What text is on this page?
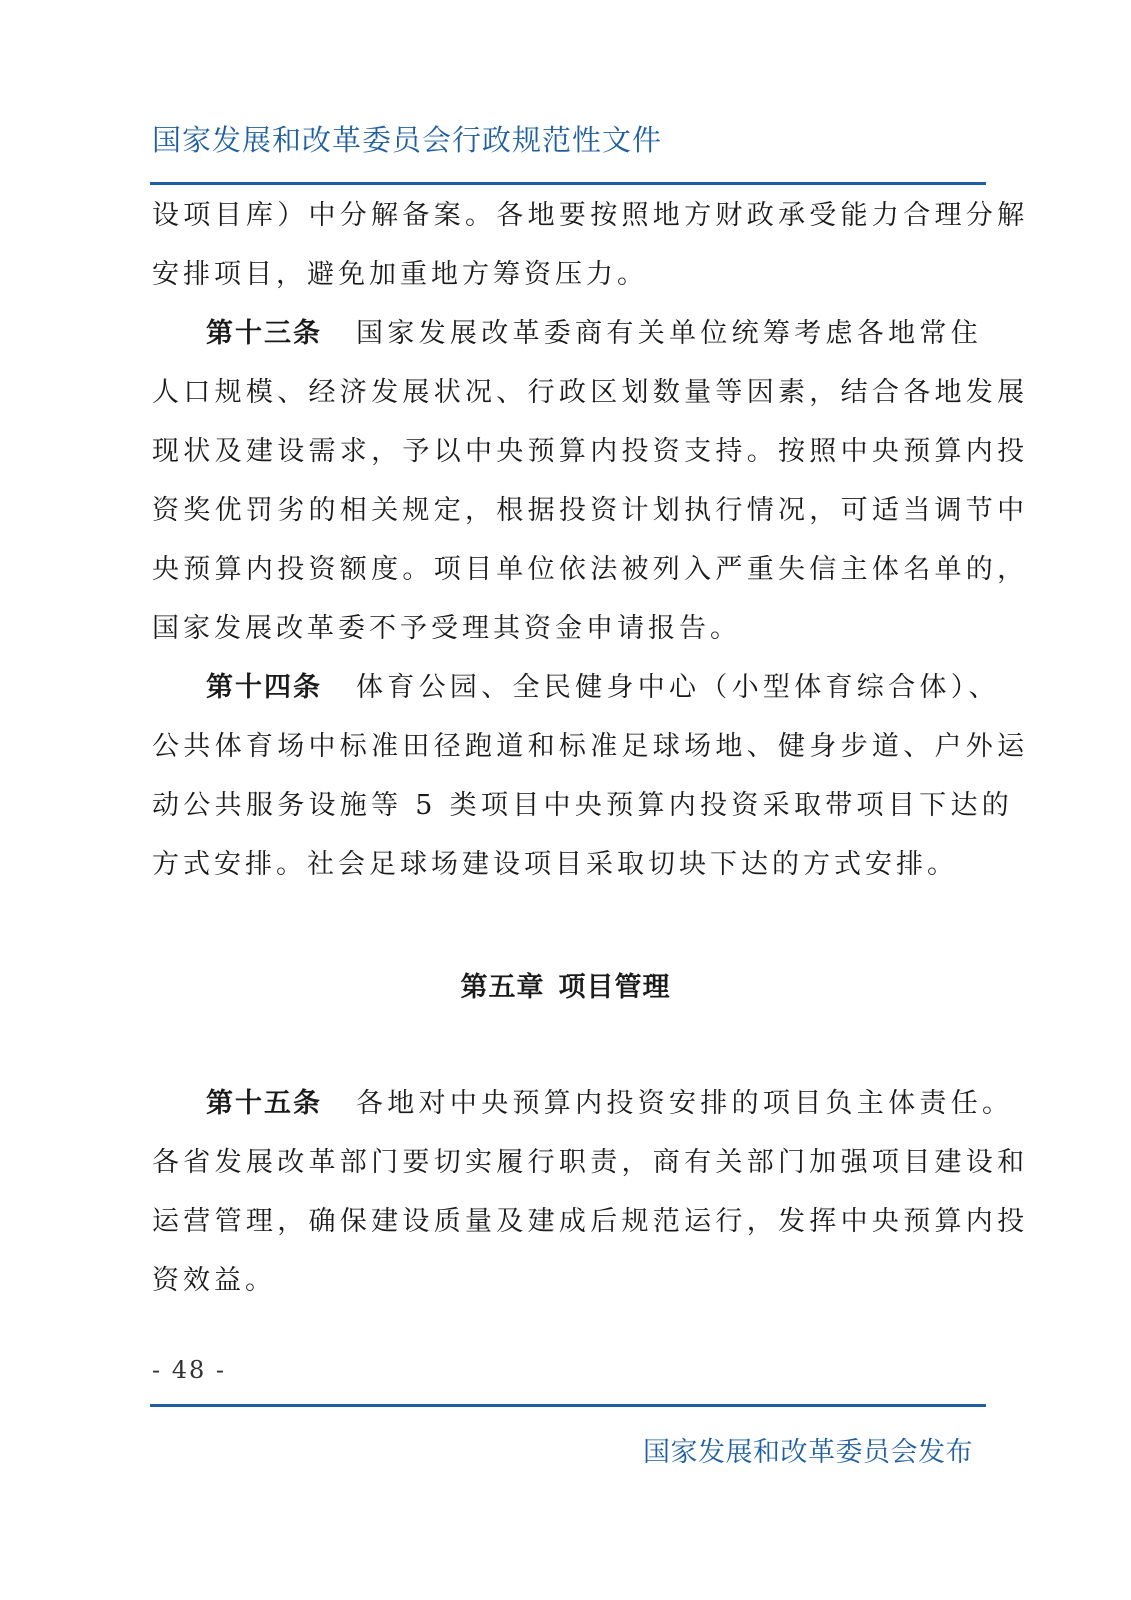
国家发展和改革委员会行政规范性文件
设项目库）中分解备案。各地要按照地方财政承受能力合理分解
安排项目，避免加重地方筹资压力。
第十三条 国家发展改革委商有关单位统筹考虑各地常住
人口规模、经济发展状况、行政区划数量等因素，结合各地发展
现状及建设需求，予以中央预算内投资支持。按照中央预算内投
资奖优罚劣的相关规定，根据投资计划执行情况，可适当调节中
央预算内投资额度。项目单位依法被列入严重失信主体名单的，
国家发展改革委不予受理其资金申请报告。
第十四条 体育公园、全民健身中心（小型体育综合体）、
公共体育场中标准田径跑道和标准足球场地、健身步道、户外运
动公共服务设施等 5 类项目中央预算内投资采取带项目下达的
方式安排。社会足球场建设项目采取切块下达的方式安排。
第五章 项目管理
第十五条 各地对中央预算内投资安排的项目负主体责任。
各省发展改革部门要切实履行职责，商有关部门加强项目建设和
运营管理，确保建设质量及建成后规范运行，发挥中央预算内投
资效益。
- 48 -
国家发展和改革委员会发布
